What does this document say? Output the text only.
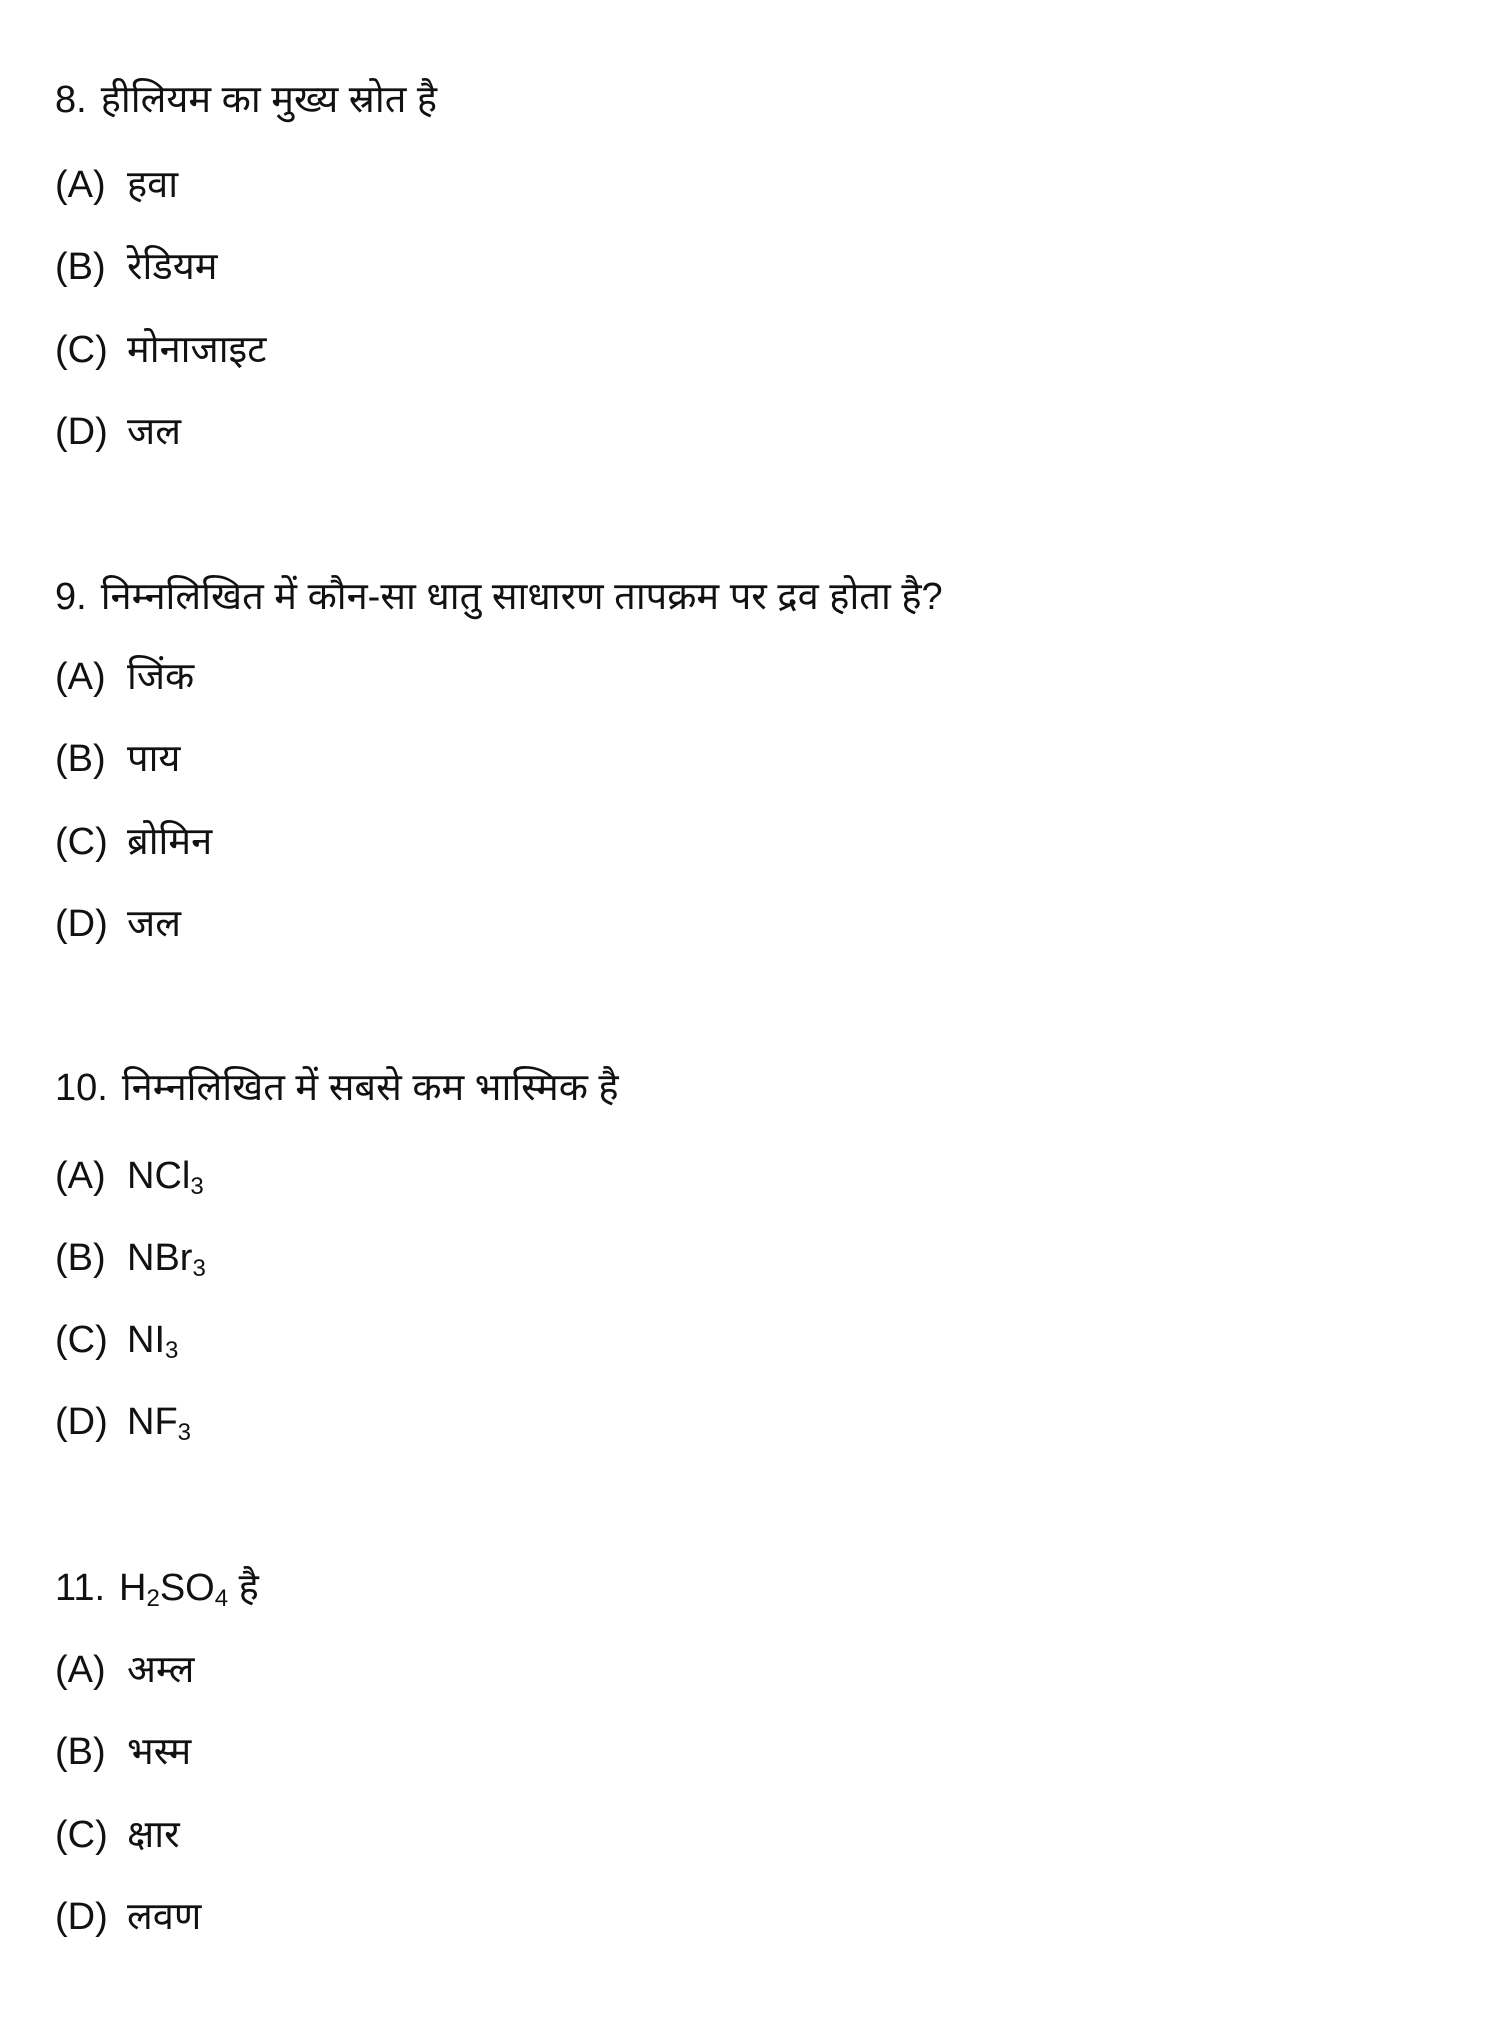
8. हीलियम का मुख्य स्रोत है
(A) हवा
(B) रेडियम
(C) मोनाजाइट
(D) जल
9. निम्नलिखित में कौन-सा धातु साधारण तापक्रम पर द्रव होता है?
(A) जिंक
(B) पाय
(C) ब्रोमिन
(D) जल
10. निम्नलिखित में सबसे कम भास्मिक है
(A) NCl$_3$
(B) NBr$_3$
(C) $NI_3$
(D) $NF_3$
11. $H_2SO_4$ है
(A) अम्ल
(B) भस्म
(C) क्षार
(D) लवण
